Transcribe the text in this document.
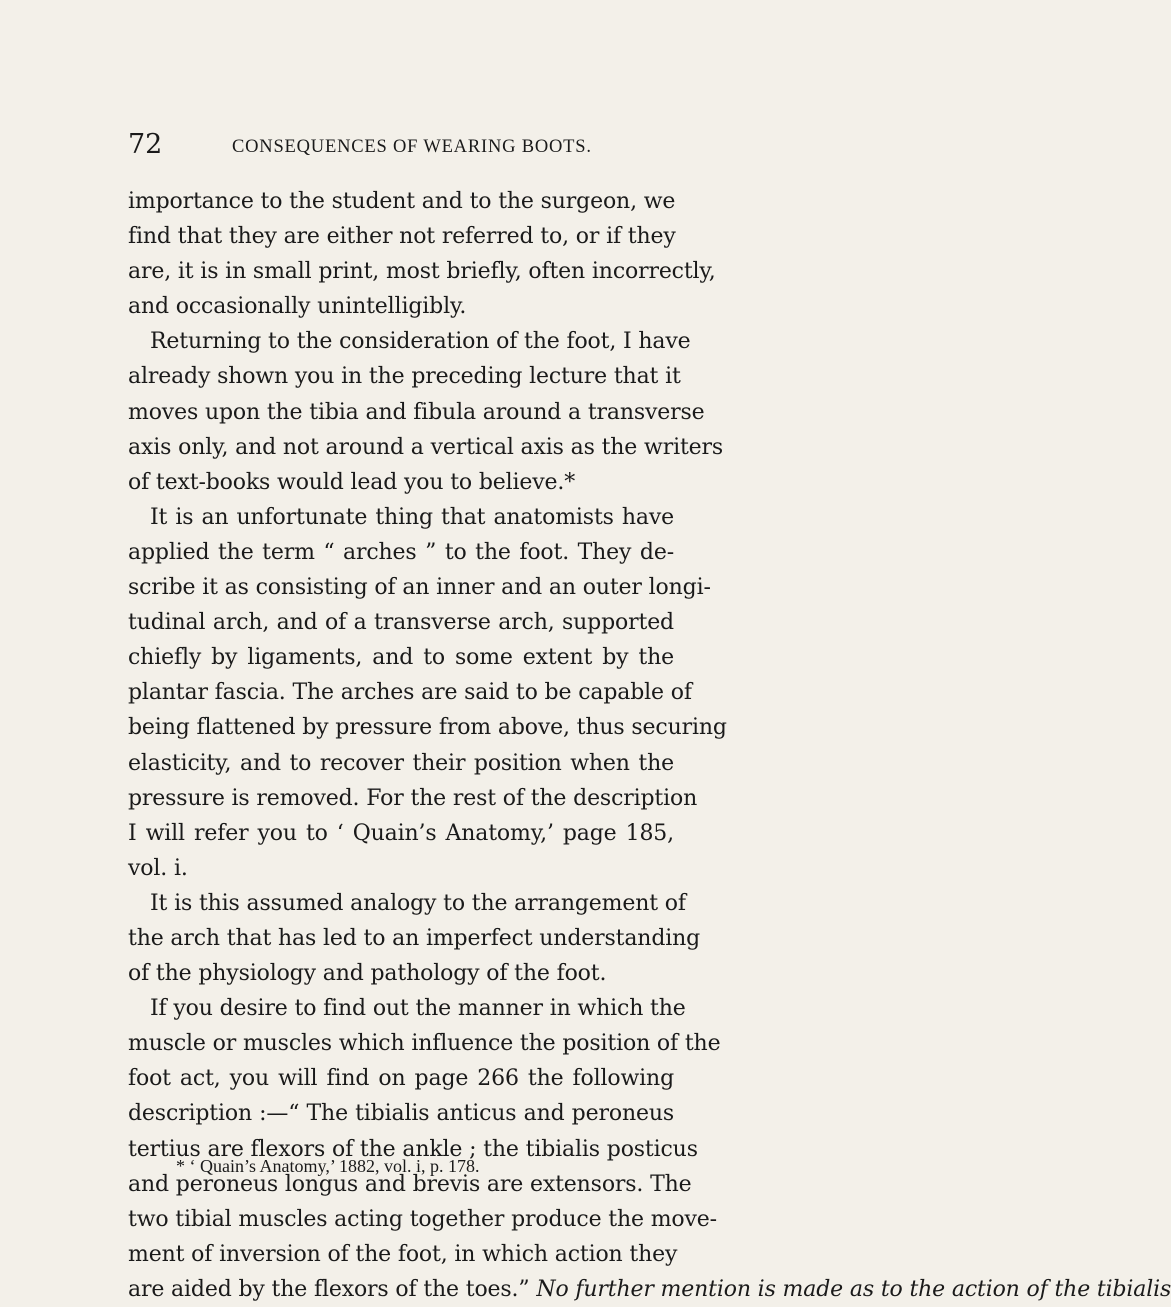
72	CONSEQUENCES OF WEARING BOOTS.
importance to the student and to the surgeon, we
find that they are either not referred to, or if they
are, it is in small print, most briefly, often incorrectly,
and occasionally unintelligibly.
Returning to the consideration of the foot, I have
already shown you in the preceding lecture that it
moves upon the tibia and fibula around a transverse
axis only, and not around a vertical axis as the writers
of text-books would lead you to believe.*
It is an unfortunate thing that anatomists have
applied the term “ arches ” to the foot. They de-
scribe it as consisting of an inner and an outer longi-
tudinal arch, and of a transverse arch, supported
chiefly by ligaments, and to some extent by the
plantar fascia. The arches are said to be capable of
being flattened by pressure from above, thus securing
elasticity, and to recover their position when the
pressure is removed. For the rest of the description
I will refer you to ‘ Quain’s Anatomy,’ page 185,
vol. i.
It is this assumed analogy to the arrangement of
the arch that has led to an imperfect understanding
of the physiology and pathology of the foot.
If you desire to find out the manner in which the
muscle or muscles which influence the position of the
foot act, you will find on page 266 the following
description :—“ The tibialis anticus and peroneus
tertius are flexors of the ankle ; the tibialis posticus
and peroneus longus and brevis are extensors. The
two tibial muscles acting together produce the move-
ment of inversion of the foot, in which action they
are aided by the flexors of the toes.” No further mention is made as to the action of the tibialis
* ‘ Quain’s Anatomy,’ 1882, vol. i, p. 178.
